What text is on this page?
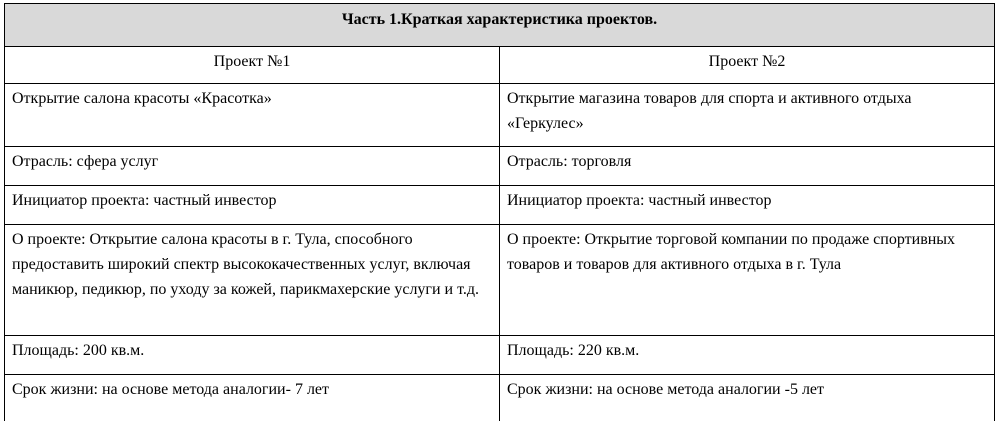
Часть 1.Краткая характеристика проектов.	
Проект №1	Проект №2

Открытие салона красоты «Красотка»	Открытие магазина товаров для спорта и активного отдыха «Геркулес»

Отрасль: сфера услуг	Отрасль: торговля

Инициатор проекта: частный инвестор	Инициатор проекта: частный инвестор

О проекте: Открытие салона красоты в г. Тула, способного предоставить широкий спектр высококачественных услуг, включая маникюр, педикюр, по уходу за кожей, парикмахерские услуги и т.д.	О проекте: Открытие торговой компании по продаже спортивных товаров и товаров для активного отдыха в г. Тула

Площадь: 200 кв.м.	Площадь: 220 кв.м.

Срок жизни: на основе метода аналогии- 7 лет	Срок жизни: на основе метода аналогии -5 лет
